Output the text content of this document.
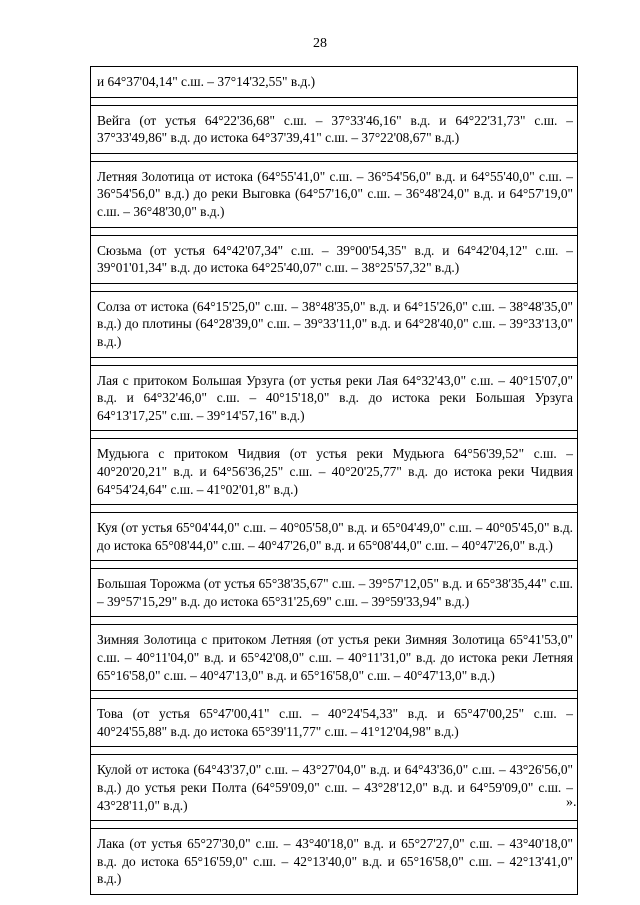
28
и 64°37'04,14" с.ш. – 37°14'32,55" в.д.)
Вейга (от устья 64°22'36,68" с.ш. – 37°33'46,16" в.д. и 64°22'31,73" с.ш. – 37°33'49,86" в.д. до истока 64°37'39,41" с.ш. – 37°22'08,67" в.д.)
Летняя Золотица от истока (64°55'41,0" с.ш. – 36°54'56,0" в.д. и 64°55'40,0" с.ш. – 36°54'56,0" в.д.) до реки Выговка (64°57'16,0" с.ш. – 36°48'24,0" в.д. и 64°57'19,0" с.ш. – 36°48'30,0" в.д.)
Сюзьма (от устья 64°42'07,34" с.ш. – 39°00'54,35" в.д. и 64°42'04,12" с.ш. – 39°01'01,34" в.д. до истока 64°25'40,07" с.ш. – 38°25'57,32" в.д.)
Солза от истока (64°15'25,0" с.ш. – 38°48'35,0" в.д. и 64°15'26,0" с.ш. – 38°48'35,0" в.д.) до плотины (64°28'39,0" с.ш. – 39°33'11,0" в.д. и 64°28'40,0" с.ш. – 39°33'13,0" в.д.)
Лая с притоком Большая Урзуга (от устья реки Лая 64°32'43,0" с.ш. – 40°15'07,0" в.д. и 64°32'46,0" с.ш. – 40°15'18,0" в.д. до истока реки Большая Урзуга 64°13'17,25" с.ш. – 39°14'57,16" в.д.)
Мудьюга с притоком Чидвия (от устья реки Мудьюга 64°56'39,52" с.ш. – 40°20'20,21" в.д. и 64°56'36,25" с.ш. – 40°20'25,77" в.д. до истока реки Чидвия 64°54'24,64" с.ш. – 41°02'01,8" в.д.)
Куя (от устья 65°04'44,0" с.ш. – 40°05'58,0" в.д. и 65°04'49,0" с.ш. – 40°05'45,0" в.д. до истока 65°08'44,0" с.ш. – 40°47'26,0" в.д. и 65°08'44,0" с.ш. – 40°47'26,0" в.д.)
Большая Торожма (от устья 65°38'35,67" с.ш. – 39°57'12,05" в.д. и 65°38'35,44" с.ш. – 39°57'15,29" в.д. до истока 65°31'25,69" с.ш. – 39°59'33,94" в.д.)
Зимняя Золотица с притоком Летняя (от устья реки Зимняя Золотица 65°41'53,0" с.ш. – 40°11'04,0" в.д. и 65°42'08,0" с.ш. – 40°11'31,0" в.д. до истока реки Летняя 65°16'58,0" с.ш. – 40°47'13,0" в.д. и 65°16'58,0" с.ш. – 40°47'13,0" в.д.)
Това (от устья 65°47'00,41" с.ш. – 40°24'54,33" в.д. и 65°47'00,25" с.ш. – 40°24'55,88" в.д. до истока 65°39'11,77" с.ш. – 41°12'04,98" в.д.)
Кулой от истока (64°43'37,0" с.ш. – 43°27'04,0" в.д. и 64°43'36,0" с.ш. – 43°26'56,0" в.д.) до устья реки Полта (64°59'09,0" с.ш. – 43°28'12,0" в.д. и 64°59'09,0" с.ш. – 43°28'11,0" в.д.)
Лака (от устья 65°27'30,0" с.ш. – 43°40'18,0" в.д. и 65°27'27,0" с.ш. – 43°40'18,0" в.д. до истока 65°16'59,0" с.ш. – 42°13'40,0" в.д. и 65°16'58,0" с.ш. – 42°13'41,0" в.д.)
».
